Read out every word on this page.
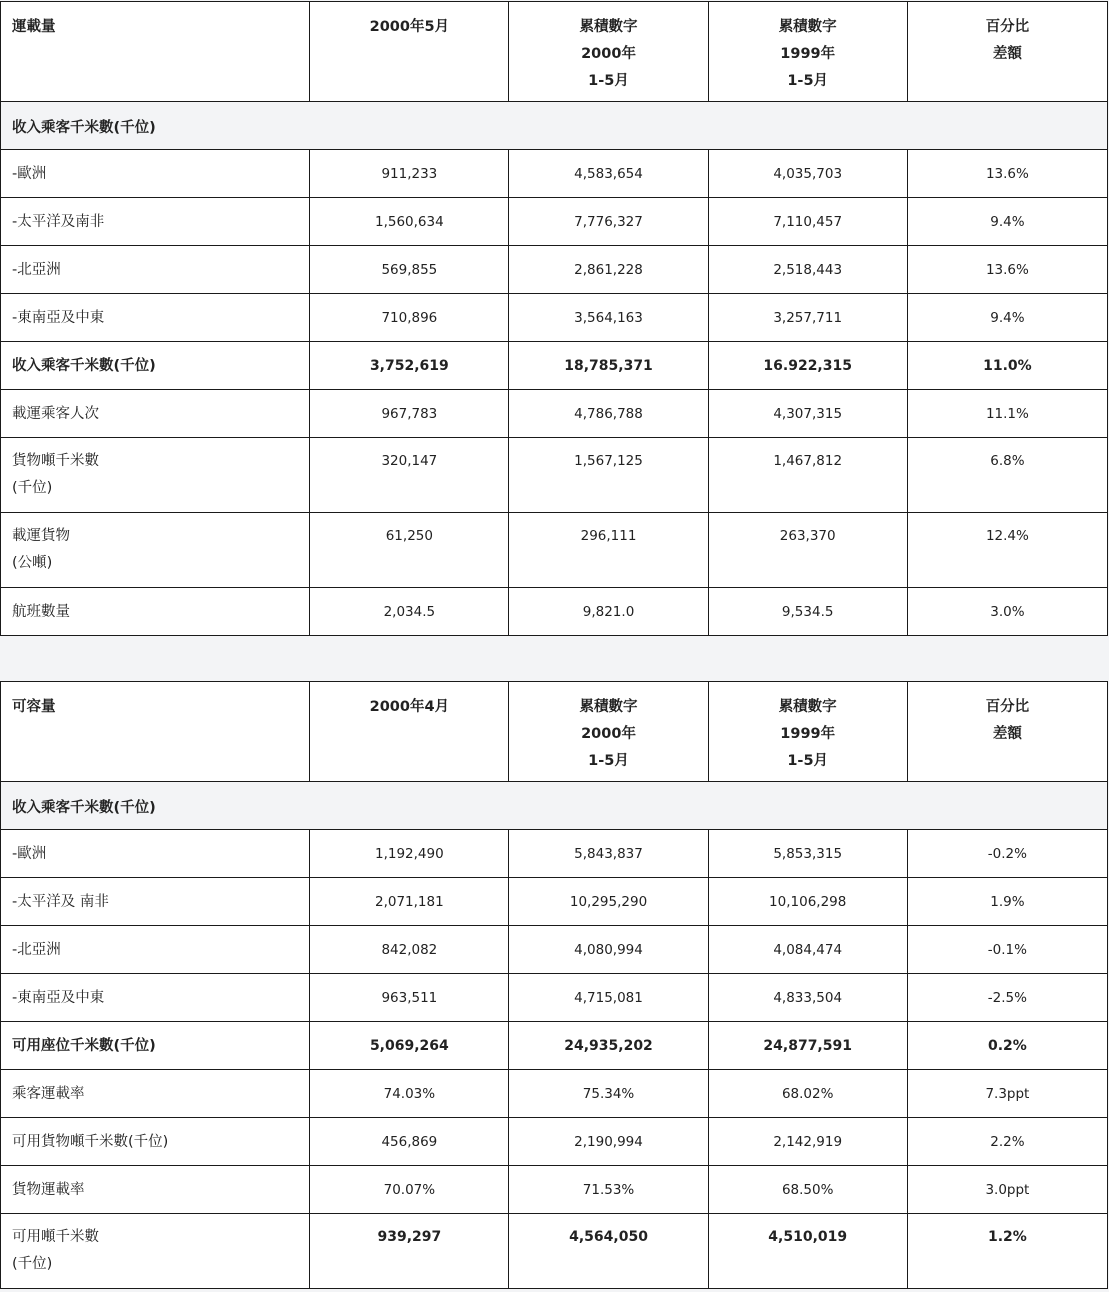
運載量	2000年5月	累積數字
2000年
1-5月	累積數字
1999年
1-5月	百分比
差額

收入乘客千米數(千位)				

-歐洲	911,233	4,583,654	4,035,703	13.6%

-太平洋及南非	1,560,634	7,776,327	7,110,457	9.4%

-北亞洲	569,855	2,861,228	2,518,443	13.6%

-東南亞及中東	710,896	3,564,163	3,257,711	9.4%

收入乘客千米數(千位)	3,752,619	18,785,371	16.922,315	11.0%

載運乘客人次	967,783	4,786,788	4,307,315	11.1%

貨物噸千米數
(千位)	320,147	1,567,125	1,467,812	6.8%

載運貨物
(公噸)	61,250	296,111	263,370	12.4%

航班數量	2,034.5	9,821.0	9,534.5	3.0%
可容量	2000年4月	累積數字
2000年
1-5月	累積數字
1999年
1-5月	百分比
差額

收入乘客千米數(千位)				

-歐洲	1,192,490	5,843,837	5,853,315	-0.2%

-太平洋及 南非	2,071,181	10,295,290	10,106,298	1.9%

-北亞洲	842,082	4,080,994	4,084,474	-0.1%

-東南亞及中東	963,511	4,715,081	4,833,504	-2.5%

可用座位千米數(千位)	5,069,264	24,935,202	24,877,591	0.2%

乘客運載率	74.03%	75.34%	68.02%	7.3ppt

可用貨物噸千米數(千位)	456,869	2,190,994	2,142,919	2.2%

貨物運載率	70.07%	71.53%	68.50%	3.0ppt

可用噸千米數
(千位)	939,297	4,564,050	4,510,019	1.2%
